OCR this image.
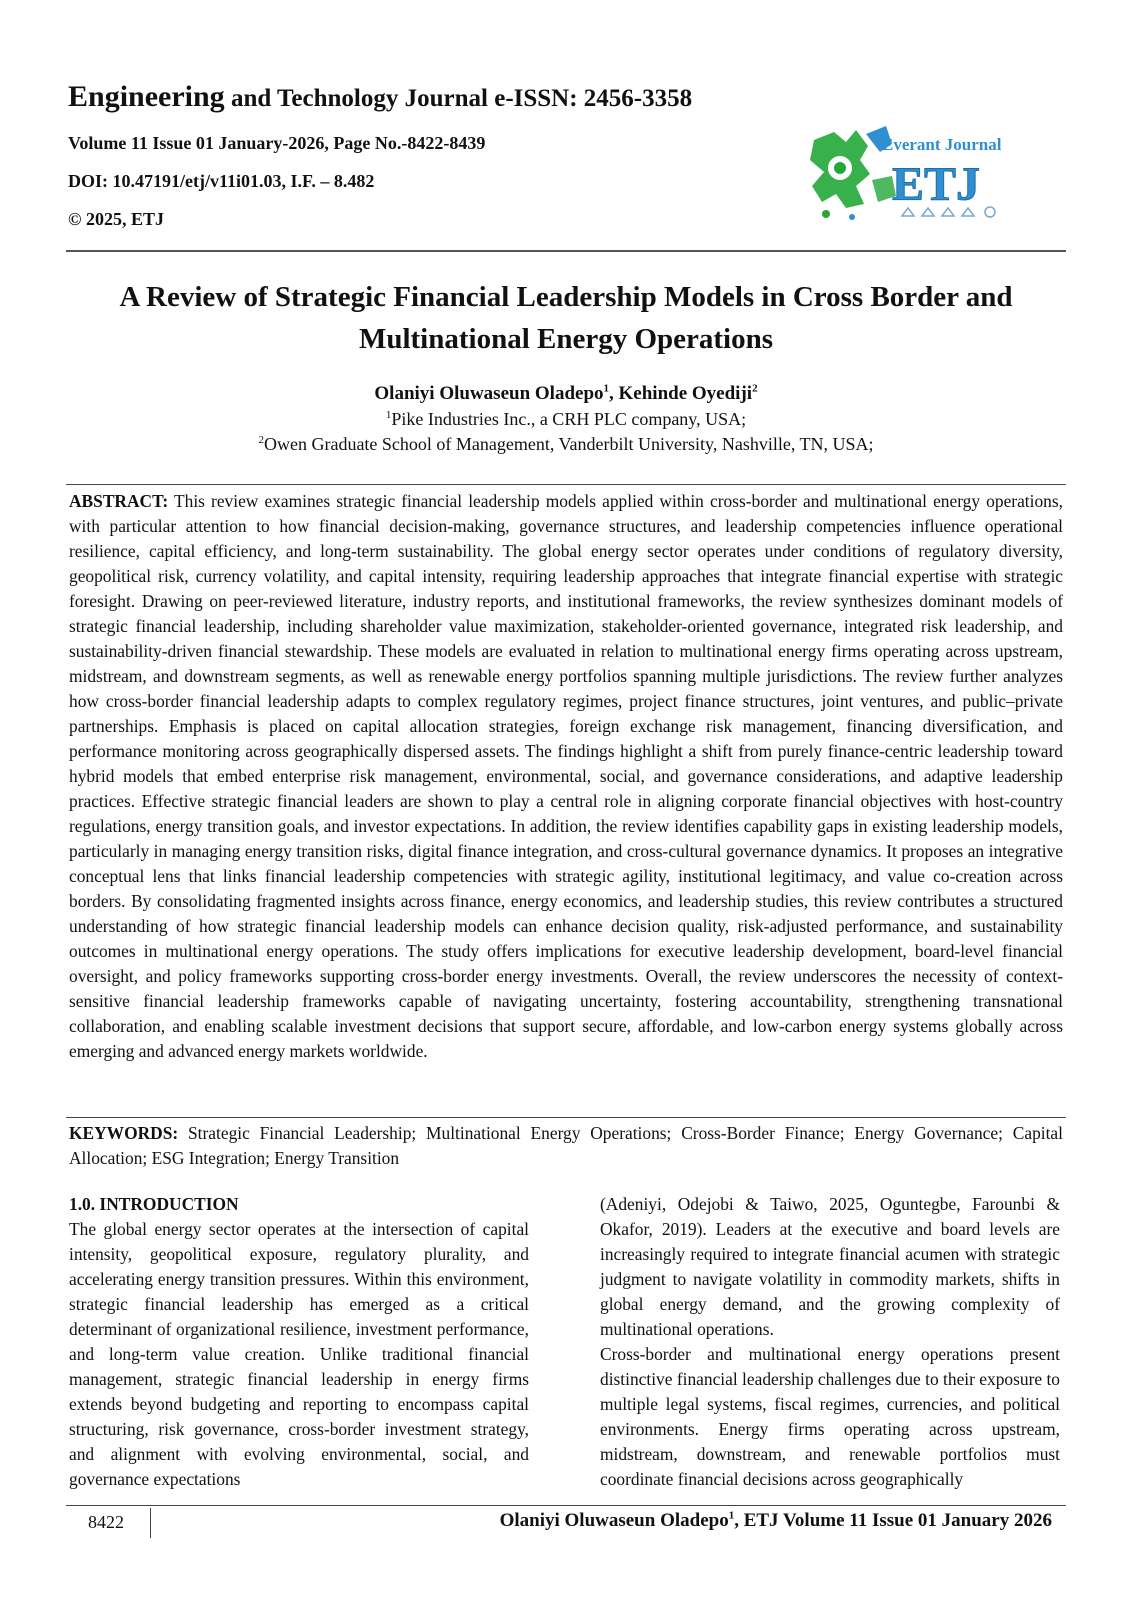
Engineering and Technology Journal e-ISSN: 2456-3358

Volume 11 Issue 01 January-2026, Page No.-8422-8439
DOI: 10.47191/etj/v11i01.03, I.F. – 8.482
© 2025, ETJ
Everant Journal
ETJ
A Review of Strategic Financial Leadership Models in Cross Border and
Multinational Energy Operations
Olaniyi Oluwaseun Oladepo$^1$, Kehinde Oyediji$^2$
$^1$Pike Industries Inc., a CRH PLC company, USA;
$^2$Owen Graduate School of Management, Vanderbilt University, Nashville, TN, USA;
ABSTRACT: This review examines strategic financial leadership models applied within cross-border and multinational energy operations, with particular attention to how financial decision-making, governance structures, and leadership competencies influence operational resilience, capital efficiency, and long-term sustainability. The global energy sector operates under conditions of regulatory diversity, geopolitical risk, currency volatility, and capital intensity, requiring leadership approaches that integrate financial expertise with strategic foresight. Drawing on peer-reviewed literature, industry reports, and institutional frameworks, the review synthesizes dominant models of strategic financial leadership, including shareholder value maximization, stakeholder-oriented governance, integrated risk leadership, and sustainability-driven financial stewardship. These models are evaluated in relation to multinational energy firms operating across upstream, midstream, and downstream segments, as well as renewable energy portfolios spanning multiple jurisdictions. The review further analyzes how cross-border financial leadership adapts to complex regulatory regimes, project finance structures, joint ventures, and public–private partnerships. Emphasis is placed on capital allocation strategies, foreign exchange risk management, financing diversification, and performance monitoring across geographically dispersed assets. The findings highlight a shift from purely finance-centric leadership toward hybrid models that embed enterprise risk management, environmental, social, and governance considerations, and adaptive leadership practices. Effective strategic financial leaders are shown to play a central role in aligning corporate financial objectives with host-country regulations, energy transition goals, and investor expectations. In addition, the review identifies capability gaps in existing leadership models, particularly in managing energy transition risks, digital finance integration, and cross-cultural governance dynamics. It proposes an integrative conceptual lens that links financial leadership competencies with strategic agility, institutional legitimacy, and value co-creation across borders. By consolidating fragmented insights across finance, energy economics, and leadership studies, this review contributes a structured understanding of how strategic financial leadership models can enhance decision quality, risk-adjusted performance, and sustainability outcomes in multinational energy operations. The study offers implications for executive leadership development, board-level financial oversight, and policy frameworks supporting cross-border energy investments. Overall, the review underscores the necessity of context-sensitive financial leadership frameworks capable of navigating uncertainty, fostering accountability, strengthening transnational collaboration, and enabling scalable investment decisions that support secure, affordable, and low-carbon energy systems globally across emerging and advanced energy markets worldwide.
KEYWORDS: Strategic Financial Leadership; Multinational Energy Operations; Cross-Border Finance; Energy Governance; Capital Allocation; ESG Integration; Energy Transition

1.0. INTRODUCTION

The global energy sector operates at the intersection of capital intensity, geopolitical exposure, regulatory plurality, and accelerating energy transition pressures. Within this environment, strategic financial leadership has emerged as a critical determinant of organizational resilience, investment performance, and long-term value creation. Unlike traditional financial management, strategic financial leadership in energy firms extends beyond budgeting and reporting to encompass capital structuring, risk governance, cross-border investment strategy, and alignment with evolving environmental, social, and governance expectations

(Adeniyi, Odejobi & Taiwo, 2025, Oguntegbe, Farounbi & Okafor, 2019). Leaders at the executive and board levels are increasingly required to integrate financial acumen with strategic judgment to navigate volatility in commodity markets, shifts in global energy demand, and the growing complexity of multinational operations.

Cross-border and multinational energy operations present distinctive financial leadership challenges due to their exposure to multiple legal systems, fiscal regimes, currencies, and political environments. Energy firms operating across upstream, midstream, downstream, and renewable portfolios must coordinate financial decisions across geographically

8422	Olaniyi Oluwaseun Oladepo$^1$, ETJ Volume 11 Issue 01 January 2026
